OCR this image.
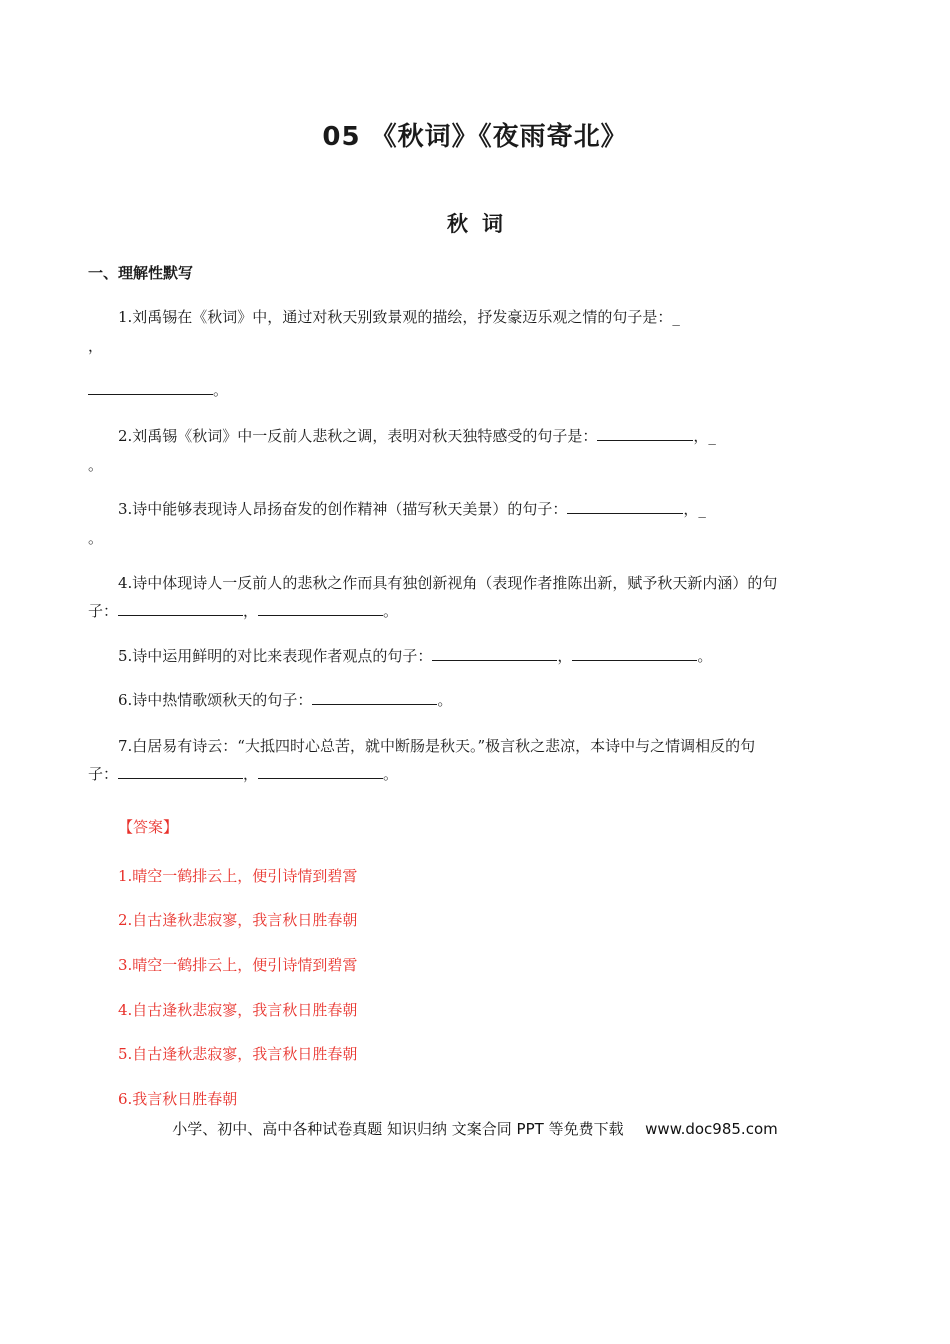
05 《秋词》《夜雨寄北》
秋词
一、理解性默写
1.刘禹锡在《秋词》中，通过对秋天别致景观的描绘，抒发豪迈乐观之情的句子是：_
，
。
2.刘禹锡《秋词》中一反前人悲秋之调，表明对秋天独特感受的句子是：	，_
。
3.诗中能够表现诗人昂扬奋发的创作精神（描写秋天美景）的句子：	，_
。
4.诗中体现诗人一反前人的悲秋之作而具有独创新视角（表现作者推陈出新，赋予秋天新内涵）的句
子：	，	。
5.诗中运用鲜明的对比来表现作者观点的句子：	，	。
6.诗中热情歌颂秋天的句子：	。
7.白居易有诗云：“大抵四时心总苦，就中断肠是秋天。”极言秋之悲凉，本诗中与之情调相反的句
子：	，	。
【答案】
1.晴空一鹤排云上，便引诗情到碧霄
2.自古逢秋悲寂寥，我言秋日胜春朝
3.晴空一鹤排云上，便引诗情到碧霄
4.自古逢秋悲寂寥，我言秋日胜春朝
5.自古逢秋悲寂寥，我言秋日胜春朝
6.我言秋日胜春朝
小学、初中、高中各种试卷真题 知识归纳 文案合同 PPT 等免费下载 www.doc985.com
